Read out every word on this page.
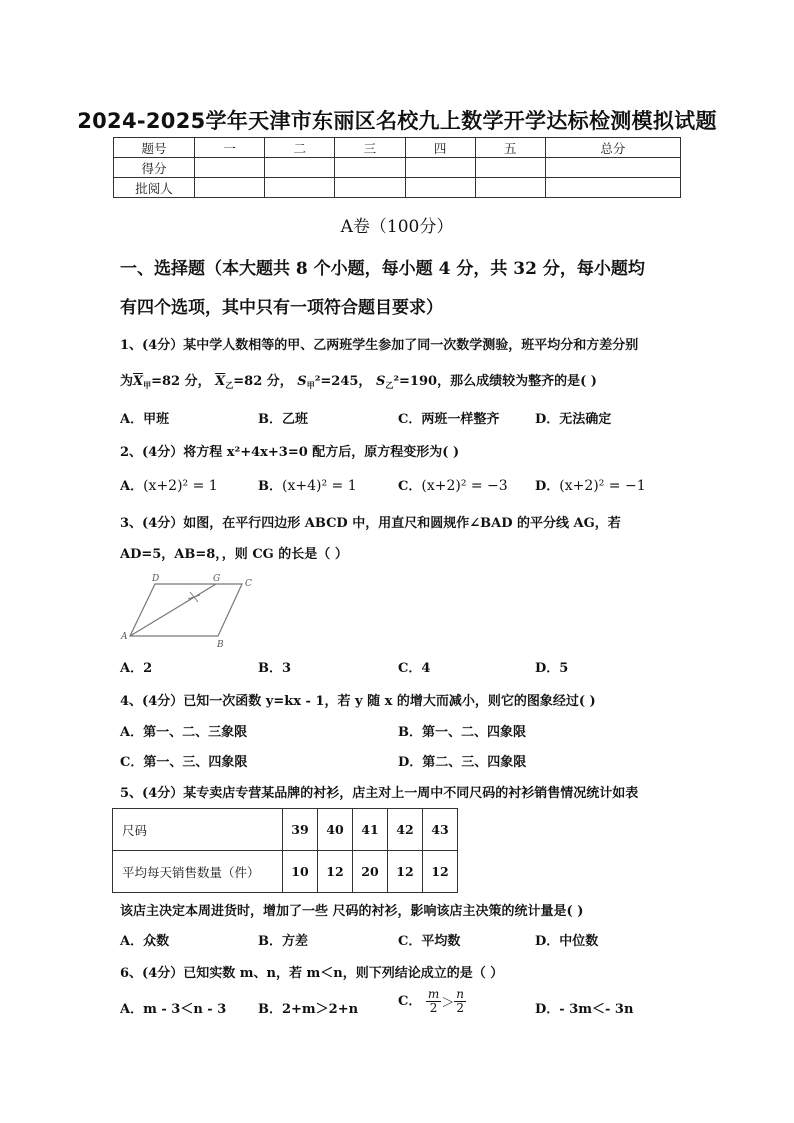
2024-2025学年天津市东丽区名校九上数学开学达标检测模拟试题
题号	一	二	三	四	五	总分
得分						
批阅人						
A卷（100分）
一、选择题（本大题共 8 个小题，每小题 4 分，共 32 分，每小题均
有四个选项，其中只有一项符合题目要求）
1、(4分）某中学人数相等的甲、乙两班学生参加了同一次数学测验，班平均分和方差分别
为$\overline{X}_甲=82$ 分， $\overline{X}_乙=82$ 分， $S_甲^2=245$， $S_乙^2=190$，那么成绩较为整齐的是( )
A．甲班	B．乙班	C．两班一样整齐	D．无法确定
2、(4分）将方程 x²+4x+3=0 配方后，原方程变形为( )
A．(x+2)² = 1	B．(x+4)² = 1	C．(x+2)² = −3 D．(x+2)² = −1
3、(4分）如图，在平行四边形 ABCD 中，用直尺和圆规作∠BAD 的平分线 AG，若
AD=5，AB=8，，则 CG 的长是（ ）
D	G	C
A
B
A．2	B．3	C．4	D．5
4、(4分）已知一次函数 y=kx - 1，若 y 随 x 的增大而减小，则它的图象经过( )
A．第一、二、三象限	B．第一、二、四象限
C．第一、三、四象限	D．第二、三、四象限
5、(4分）某专卖店专营某品牌的衬衫，店主对上一周中不同尺码的衬衫销售情况统计如表
尺码	39	40	41	42	43
平均每天销售数量（件）	10	12	20	12	12
该店主决定本周进货时，增加了一些 尺码的衬衫，影响该店主决策的统计量是( )
A．众数	B．方差	C．平均数	D．中位数
6、(4分）已知实数 m、n，若 m＜n，则下列结论成立的是（ ）
A．m - 3＜n - 3 B．2+m＞2+n
C． $\frac{m}{2} > \frac{n}{2}$	D．- 3m＜- 3n
